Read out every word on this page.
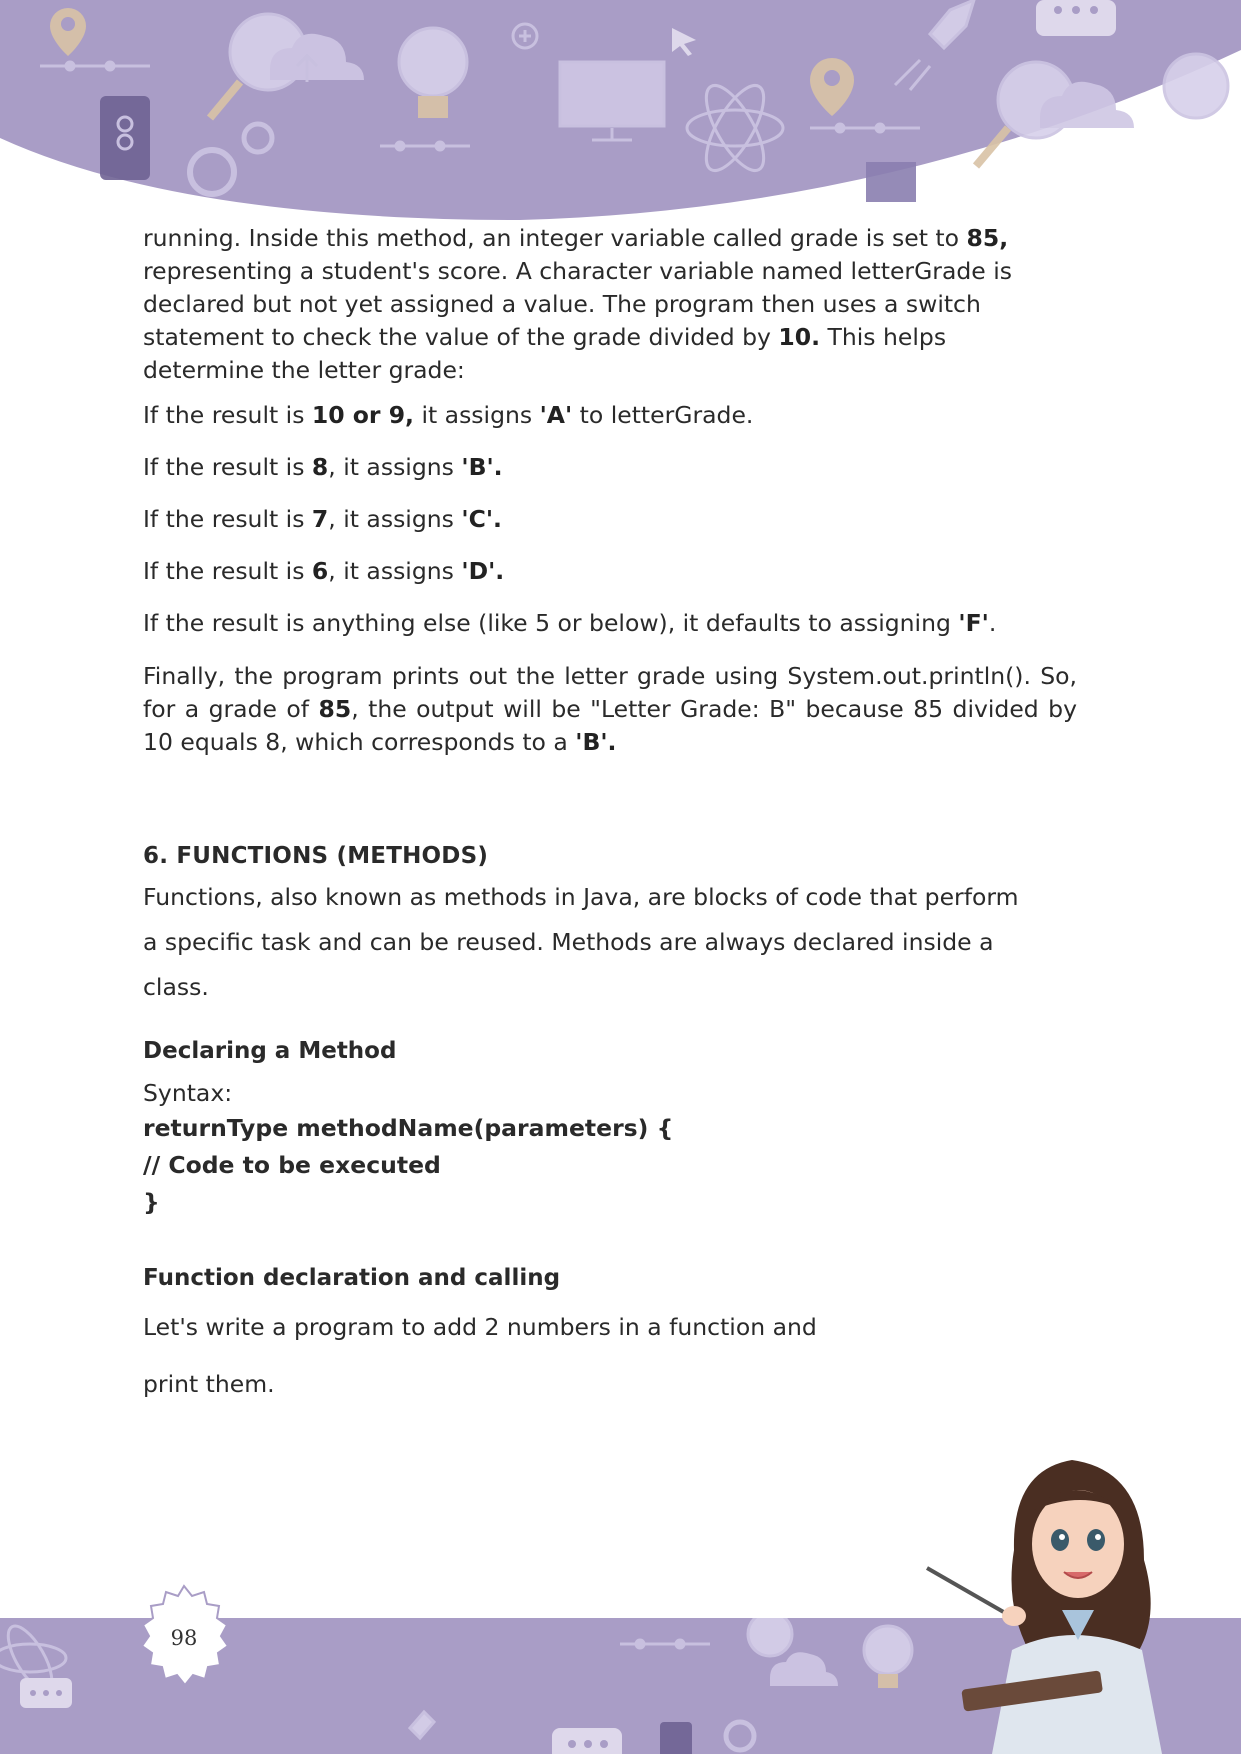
98

running. Inside this method, an integer variable called grade is set to 85,

representing a student's score. A character variable named letterGrade is

declared but not yet assigned a value. The program then uses a switch

statement to check the value of the grade divided by 10. This helps

determine the letter grade:

If the result is 10 or 9, it assigns 'A' to letterGrade.

If the result is 8, it assigns 'B'.

If the result is 7, it assigns 'C'.

If the result is 6, it assigns 'D'.

If the result is anything else (like 5 or below), it defaults to assigning 'F'.

Finally, the program prints out the letter grade using System.out.println(). So, for a grade of 85, the output will be "Letter Grade: B" because 85 divided by 10 equals 8, which corresponds to a 'B'.

6. FUNCTIONS (METHODS)

Functions, also known as methods in Java, are blocks of code that perform

a specific task and can be reused. Methods are always declared inside a

class.

Declaring a Method

Syntax:

returnType methodName(parameters) {

// Code to be executed

}

Function declaration and calling

Let's write a program to add 2 numbers in a function and

print them.
